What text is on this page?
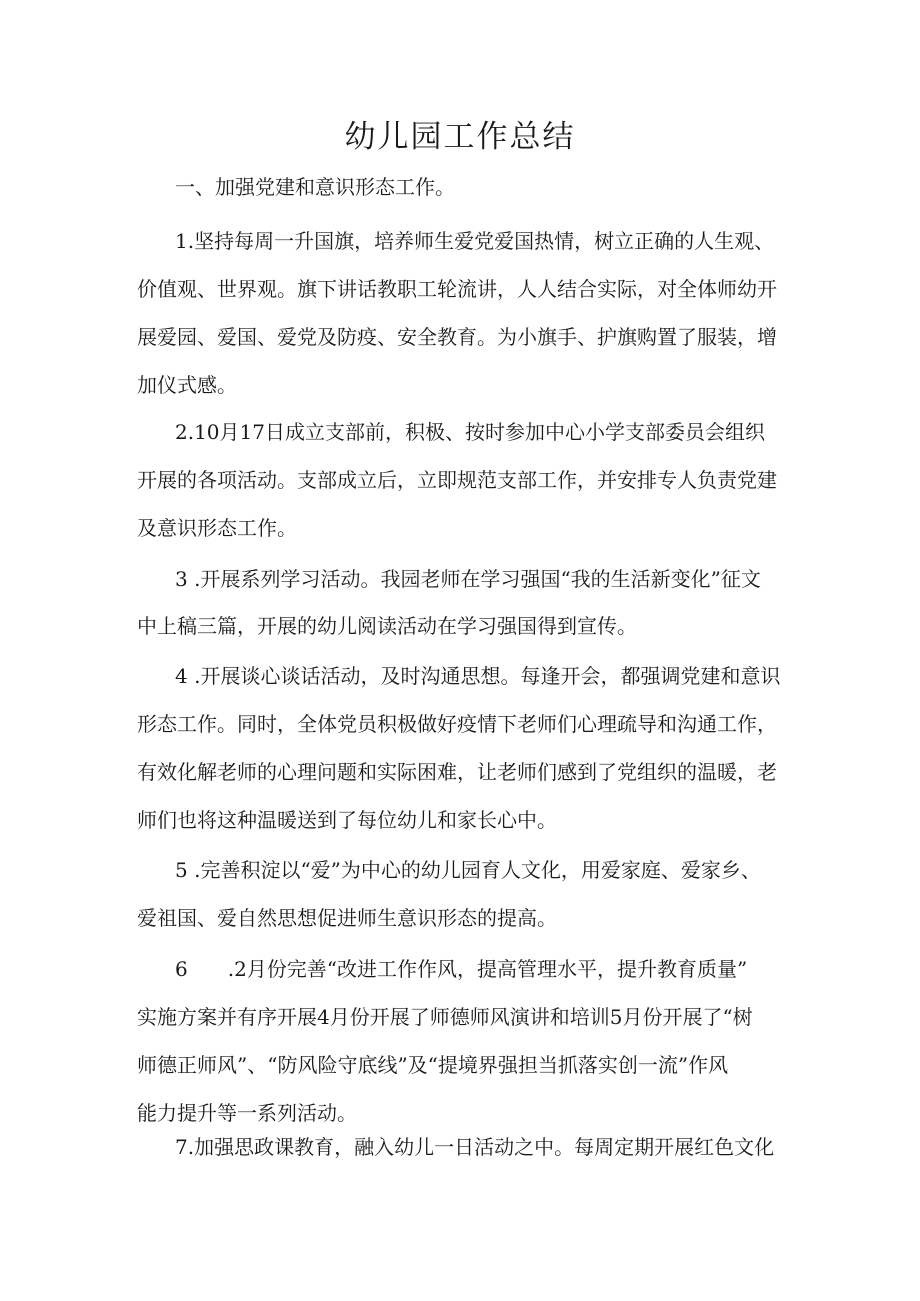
幼儿园工作总结

一、加强党建和意识形态工作。

1.坚持每周一升国旗，培养师生爱党爱国热情，树立正确的人生观、

价值观、世界观。旗下讲话教职工轮流讲，人人结合实际，对全体师幼开

展爱园、爱国、爱党及防疫、安全教育。为小旗手、护旗购置了服装，增

加仪式感。

2.10月17日成立支部前，积极、按时参加中心小学支部委员会组织

开展的各项活动。支部成立后，立即规范支部工作，并安排专人负责党建

及意识形态工作。

3 .开展系列学习活动。我园老师在学习强国“我的生活新变化”征文

中上稿三篇，开展的幼儿阅读活动在学习强国得到宣传。

4 .开展谈心谈话活动，及时沟通思想。每逢开会，都强调党建和意识

形态工作。同时，全体党员积极做好疫情下老师们心理疏导和沟通工作，

有效化解老师的心理问题和实际困难，让老师们感到了党组织的温暖，老

师们也将这种温暖送到了每位幼儿和家长心中。

5 .完善积淀以“爱”为中心的幼儿园育人文化，用爱家庭、爱家乡、

爱祖国、爱自然思想促进师生意识形态的提高。

6　　.2月份完善“改进工作作风，提高管理水平，提升教育质量”

实施方案并有序开展4月份开展了师德师风演讲和培训5月份开展了“树

师德正师风”、“防风险守底线”及“提境界强担当抓落实创一流”作风

能力提升等一系列活动。

7.加强思政课教育，融入幼儿一日活动之中。每周定期开展红色文化
